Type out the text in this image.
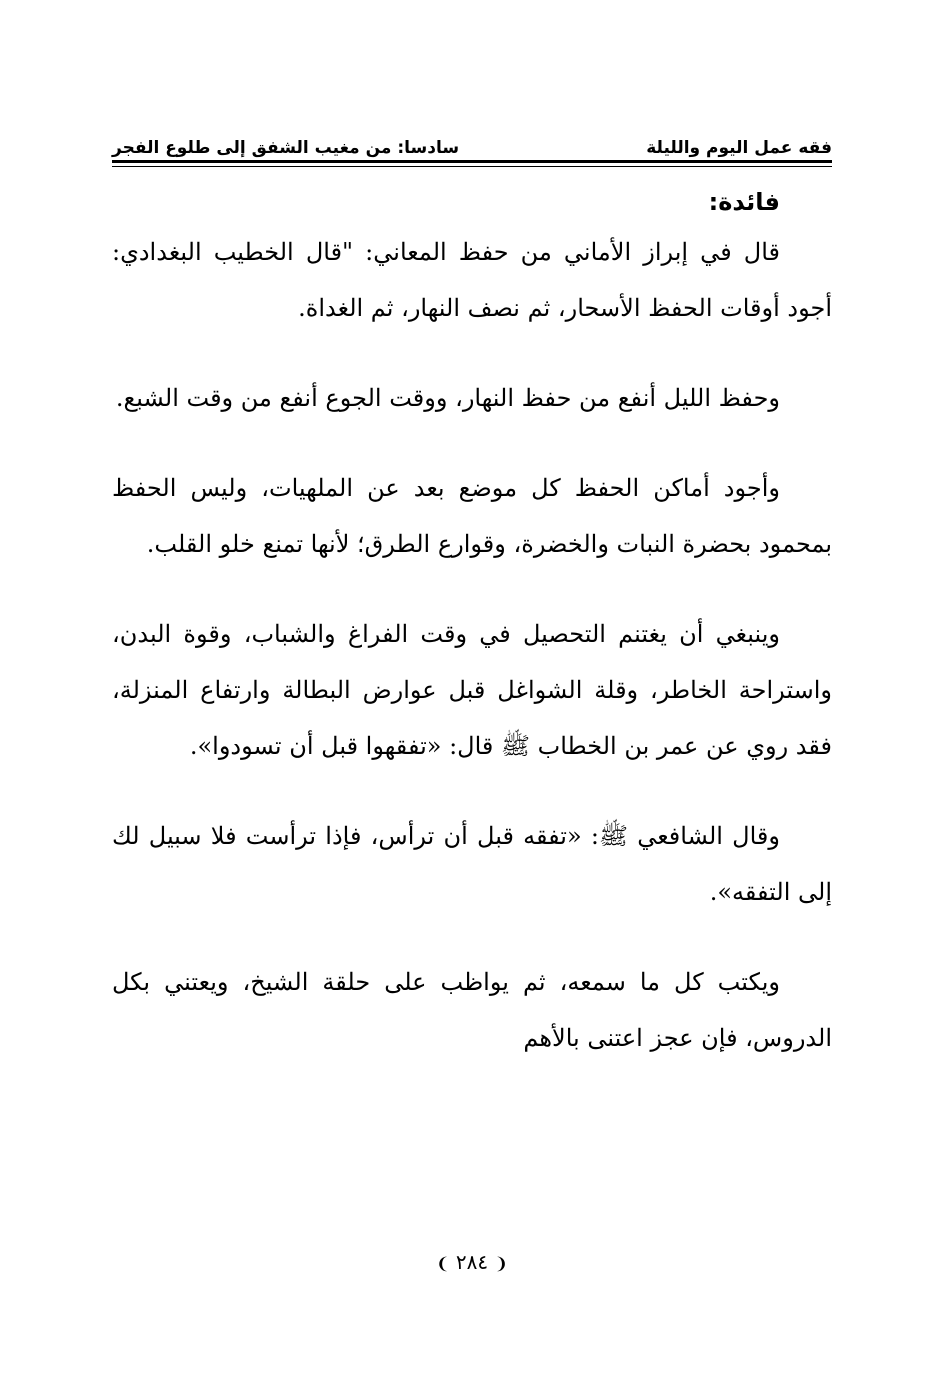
فقه عمل اليوم والليلة
سادسا: من مغيب الشفق إلى طلوع الفجر

فائدة:

قال في إبراز الأماني من حفظ المعاني: "قال الخطيب البغدادي: أجود أوقات الحفظ الأسحار، ثم نصف النهار، ثم الغداة.

وحفظ الليل أنفع من حفظ النهار، ووقت الجوع أنفع من وقت الشبع.

وأجود أماكن الحفظ كل موضع بعد عن الملهيات، وليس الحفظ بمحمود بحضرة النبات والخضرة، وقوارع الطرق؛ لأنها تمنع خلو القلب.

وينبغي أن يغتنم التحصيل في وقت الفراغ والشباب، وقوة البدن، واستراحة الخاطر، وقلة الشواغل قبل عوارض البطالة وارتفاع المنزلة، فقد روي عن عمر بن الخطاب ﷺ قال: «تفقهوا قبل أن تسودوا».

وقال الشافعي ﷺ: «تفقه قبل أن ترأس، فإذا ترأست فلا سبيل لك إلى التفقه».

ويكتب كل ما سمعه، ثم يواظب على حلقة الشيخ، ويعتني بكل الدروس، فإن عجز اعتنى بالأهم

❨ ٢٨٤ ❩
